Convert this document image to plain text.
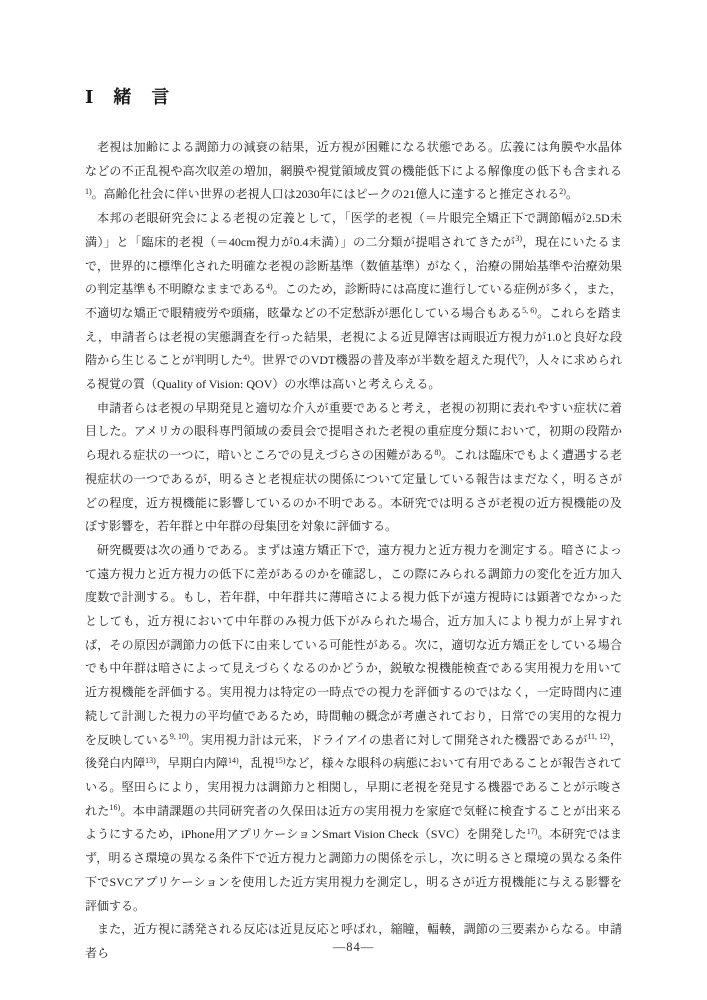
Ⅰ　緒　言

老視は加齢による調節力の減衰の結果，近方視が困難になる状態である。広義には角膜や水晶体などの不正乱視や高次収差の増加，網膜や視覚領域皮質の機能低下による解像度の低下も含まれる$^{1)}$。高齢化社会に伴い世界の老視人口は2030年にはピークの21億人に達すると推定される$^{2)}$。

本邦の老眼研究会による老視の定義として，「医学的老視（＝片眼完全矯正下で調節幅が2.5D未満）」と「臨床的老視（＝40cm視力が0.4未満）」の二分類が提唱されてきたが$^{3)}$，現在にいたるまで，世界的に標準化された明確な老視の診断基準（数値基準）がなく，治療の開始基準や治療効果の判定基準も不明瞭なままである$^{4)}$。このため，診断時には高度に進行している症例が多く，また，不適切な矯正で眼精疲労や頭痛，眩暈などの不定愁訴が悪化している場合もある$^{5, 6)}$。これらを踏まえ，申請者らは老視の実態調査を行った結果，老視による近見障害は両眼近方視力が1.0と良好な段階から生じることが判明した$^{4)}$。世界でのVDT機器の普及率が半数を超えた現代$^{7)}$，人々に求められる視覚の質（Quality of Vision: QOV）の水準は高いと考えらえる。

申請者らは老視の早期発見と適切な介入が重要であると考え，老視の初期に表れやすい症状に着目した。アメリカの眼科専門領域の委員会で提唱された老視の重症度分類において，初期の段階から現れる症状の一つに，暗いところでの見えづらさの困難がある$^{8)}$。これは臨床でもよく遭遇する老視症状の一つであるが，明るさと老視症状の関係について定量している報告はまだなく，明るさがどの程度，近方視機能に影響しているのか不明である。本研究では明るさが老視の近方視機能の及ぼす影響を，若年群と中年群の母集団を対象に評価する。

研究概要は次の通りである。まずは遠方矯正下で，遠方視力と近方視力を測定する。暗さによって遠方視力と近方視力の低下に差があるのかを確認し，この際にみられる調節力の変化を近方加入度数で計測する。もし，若年群，中年群共に薄暗さによる視力低下が遠方視時には顕著でなかったとしても，近方視において中年群のみ視力低下がみられた場合，近方加入により視力が上昇すれば，その原因が調節力の低下に由来している可能性がある。次に，適切な近方矯正をしている場合でも中年群は暗さによって見えづらくなるのかどうか，鋭敏な視機能検査である実用視力を用いて近方視機能を評価する。実用視力は特定の一時点での視力を評価するのではなく，一定時間内に連続して計測した視力の平均値であるため，時間軸の概念が考慮されており，日常での実用的な視力を反映している$^{9, 10)}$。実用視力計は元来，ドライアイの患者に対して開発された機器であるが$^{11, 12)}$，後発白内障$^{13)}$，早期白内障$^{14)}$，乱視$^{15)}$など，様々な眼科の病態において有用であることが報告されている。堅田らにより，実用視力は調節力と相関し，早期に老視を発見する機器であることが示唆された$^{16)}$。本申請課題の共同研究者の久保田は近方の実用視力を家庭で気軽に検査することが出来るようにするため，iPhone用アプリケーションSmart Vision Check（SVC）を開発した$^{17)}$。本研究ではまず，明るさ環境の異なる条件下で近方視力と調節力の関係を示し，次に明るさと環境の異なる条件下でSVCアプリケーションを使用した近方実用視力を測定し，明るさが近方視機能に与える影響を評価する。

また，近方視に誘発される反応は近見反応と呼ばれ，縮瞳，輻輳，調節の三要素からなる。申請者ら	—84—
